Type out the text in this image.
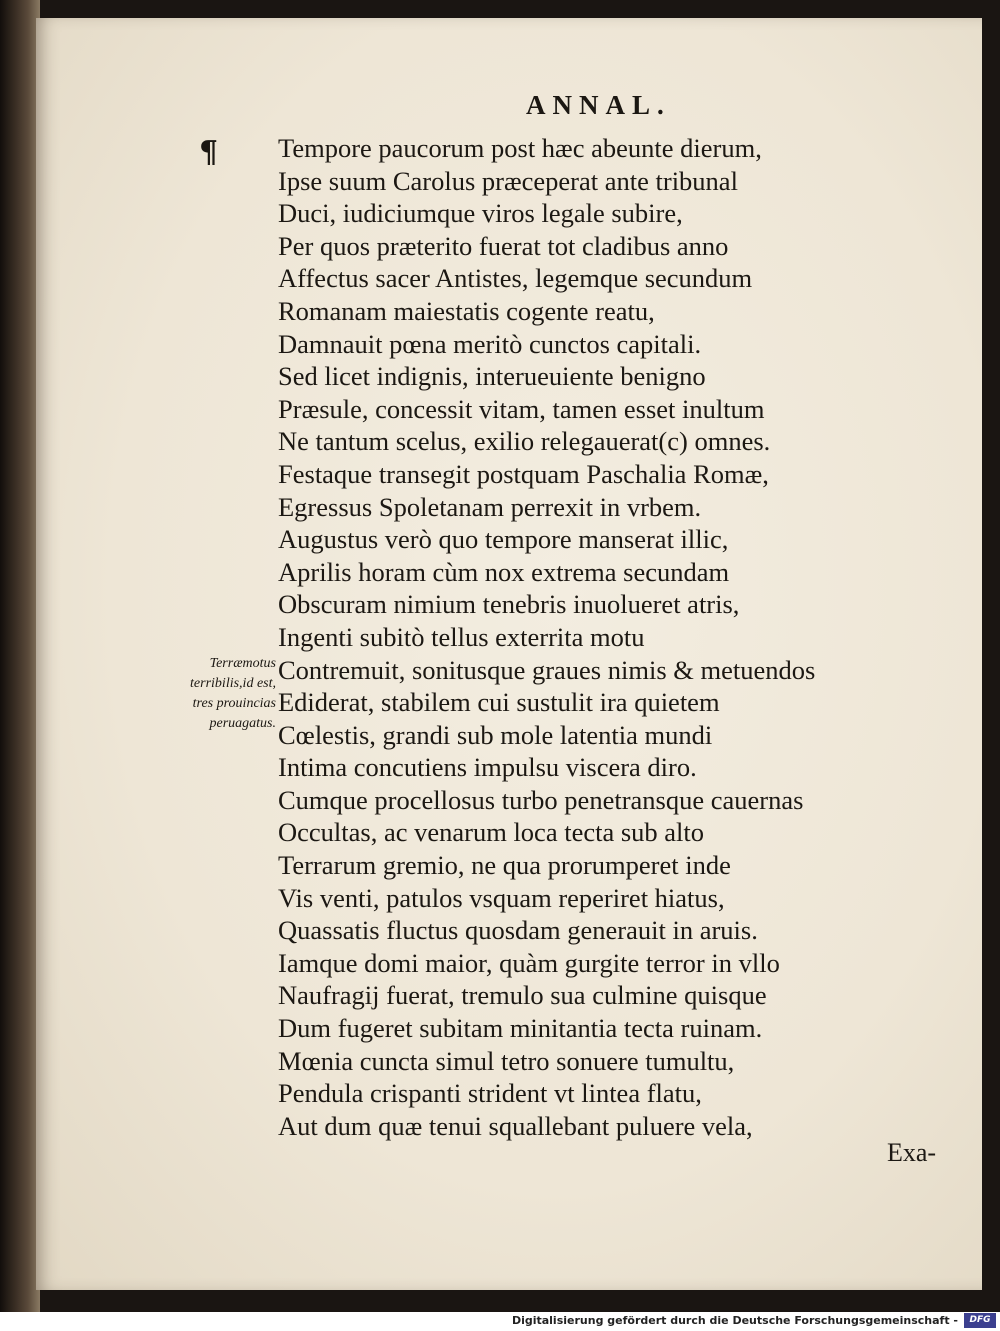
ANNAL.
¶ Tempore paucorum post hæc abeunte dierum,
Ipse suum Carolus præceperat ante tribunal
Duci, iudiciumque viros legale subire,
Per quos præterito fuerat tot cladibus anno
Affectus sacer Antistes, legemque secundum
Romanam maiestatis cogente reatu,
Damnauit pœna meritò cunctos capitali.
Sed licet indignis, interueuiente benigno
Præsule, concessit vitam, tamen esset inultum
Ne tantum scelus, exilio relegauerat(c) omnes.
Festaque transegit postquam Paschalia Romæ,
Egressus Spoletanam perrexit in vrbem.
Augustus verò quo tempore manserat illic,
Aprilis horam cùm nox extrema secundam
Obscuram nimium tenebris inuolueret atris,
Ingenti subitò tellus exterrita motu
Contremuit, sonitusque graues nimis & metuendos
Ediderat, stabilem cui sustulit ira quietem
Cœlestis, grandi sub mole latentia mundi
Intima concutiens impulsu viscera diro.
Cumque procellosus turbo penetransque cauernas
Occultas, ac venarum loca tecta sub alto
Terrarum gremio, ne qua prorumperet inde
Vis venti, patulos vsquam reperiret hiatus,
Quassatis fluctus quosdam generauit in aruis.
Iamque domi maior, quàm gurgite terror in vllo
Naufragij fuerat, tremulo sua culmine quisque
Dum fugeret subitam minitantia tecta ruinam.
Mœnia cuncta simul tetro sonuere tumultu,
Pendula crispanti strident vt lintea flatu,
Aut dum quæ tenui squallebant puluere vela,
Terræmotus
terribilis,id est,
tres prouincias
peruagatus.
Exa-
Digitalisierung gefördert durch die Deutsche Forschungsgemeinschaft -	DFG
